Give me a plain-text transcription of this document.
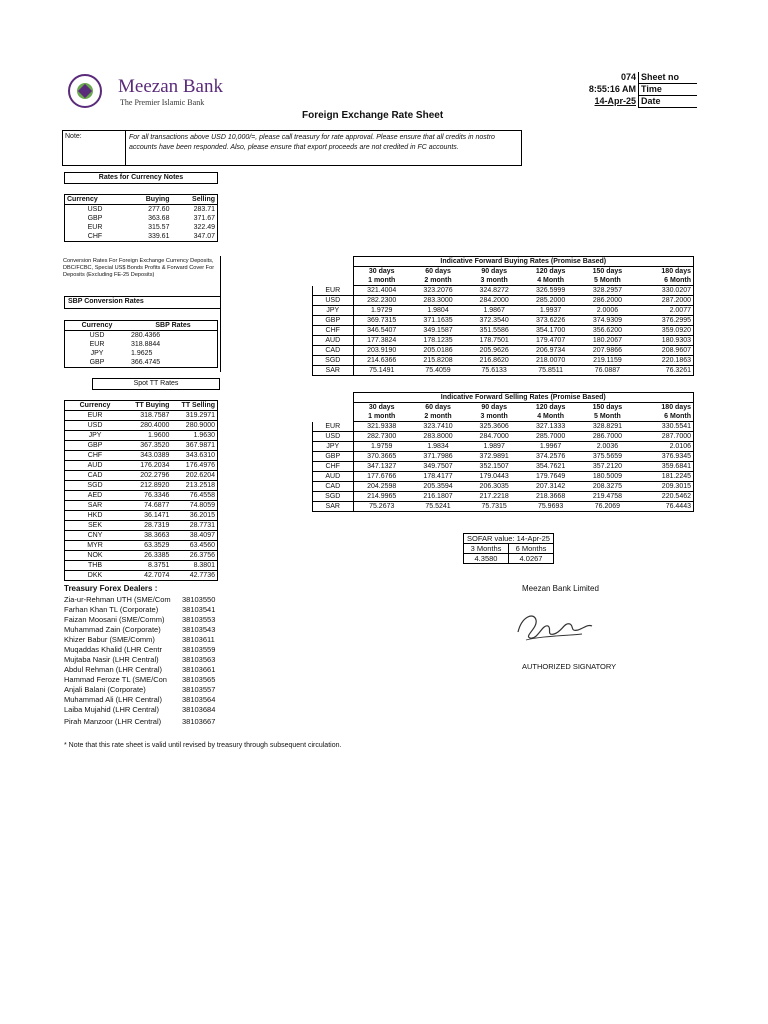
Meezan Bank
The Premier Islamic Bank
Foreign Exchange Rate Sheet
074	Sheet no
8:55:16 AM	Time
14-Apr-25	Date
Note:	For all transactions above USD 10,000/=, please call treasury for rate approval. Please ensure that all credits in nostro accounts have been responded. Also, please ensure that export proceeds are not credited in FC accounts.
Rates for Currency Notes
Currency	Buying	Selling
USD	277.60	283.71
GBP	363.68	371.67
EUR	315.57	322.49
CHF	339.61	347.07
Conversion Rates For Foreign Exchange Currency Deposits, DBC/FCBC, Special US$ Bonds Profits & Forward Cover For Deposits (Excluding FE-25 Deposits)
SBP Conversion Rates
Currency	SBP Rates
USD	280.4366
EUR	318.8844
JPY	1.9625
GBP	366.4745
Spot TT Rates
Currency	TT Buying	TT Selling
EUR	318.7587	319.2971
USD	280.4000	280.9000
JPY	1.9600	1.9630
GBP	367.3520	367.9871
CHF	343.0389	343.6310
AUD	176.2034	176.4976
CAD	202.2796	202.6204
SGD	212.8920	213.2518
AED	76.3346	76.4558
SAR	74.6877	74.8059
HKD	36.1471	36.2015
SEK	28.7319	28.7731
CNY	38.3663	38.4097
MYR	63.3529	63.4560
NOK	26.3385	26.3756
THB	8.3751	8.3801
DKK	42.7074	42.7736
	Indicative Forward Buying Rates (Promise Based)					
	30 days	60 days	90 days	120 days	150 days	180 days
	1 month	2 month	3 month	4 Month	5 Month	6 Month
EUR	321.4004	323.2076	324.8272	326.5999	328.2957	330.0207
USD	282.2300	283.3000	284.2000	285.2000	286.2000	287.2000
JPY	1.9729	1.9804	1.9867	1.9937	2.0006	2.0077
GBP	369.7315	371.1635	372.3540	373.6226	374.9309	376.2995
CHF	346.5407	349.1587	351.5586	354.1700	356.6200	359.0920
AUD	177.3824	178.1235	178.7501	179.4707	180.2067	180.9303
CAD	203.9190	205.0186	205.9626	206.9734	207.9866	208.9607
SGD	214.6366	215.8208	216.8620	218.0070	219.1159	220.1863
SAR	75.1491	75.4059	75.6133	75.8511	76.0887	76.3261
	Indicative Forward Selling Rates (Promise Based)					
	30 days	60 days	90 days	120 days	150 days	180 days
	1 month	2 month	3 month	4 Month	5 Month	6 Month
EUR	321.9338	323.7410	325.3606	327.1333	328.8291	330.5541
USD	282.7300	283.8000	284.7000	285.7000	286.7000	287.7000
JPY	1.9759	1.9834	1.9897	1.9967	2.0036	2.0106
GBP	370.3665	371.7986	372.9891	374.2576	375.5659	376.9345
CHF	347.1327	349.7507	352.1507	354.7621	357.2120	359.6841
AUD	177.6766	178.4177	179.0443	179.7649	180.5009	181.2245
CAD	204.2598	205.3594	206.3035	207.3142	208.3275	209.3015
SGD	214.9965	216.1807	217.2218	218.3668	219.4758	220.5462
SAR	75.2673	75.5241	75.7315	75.9693	76.2069	76.4443
SOFAR value: 14-Apr-25	
3 Months	6 Months
4.3580	4.0267
Treasury Forex Dealers :
Zia-ur-Rehman UTH (SME/Com 38103550
Farhan Khan TL (Corporate)	38103541
Faizan Moosani (SME/Comm) 38103553
Muhammad Zain (Corporate)	38103543
Khizer Babur (SME/Comm)	38103611
Muqaddas Khalid (LHR Centr	38103559
Mujtaba Nasir (LHR Central)	38103563
Abdul Rehman (LHR Central)	38103661
Hammad Feroze TL (SME/Con 38103565
Anjali Balani (Corporate)	38103557
Muhammad Ali (LHR Central)	38103564
Laiba Mujahid (LHR Central)	38103684
Pirah Manzoor (LHR Central)	38103667
Meezan Bank Limited
AUTHORIZED SIGNATORY
* Note that this rate sheet is valid until revised by treasury through subsequent circulation.
